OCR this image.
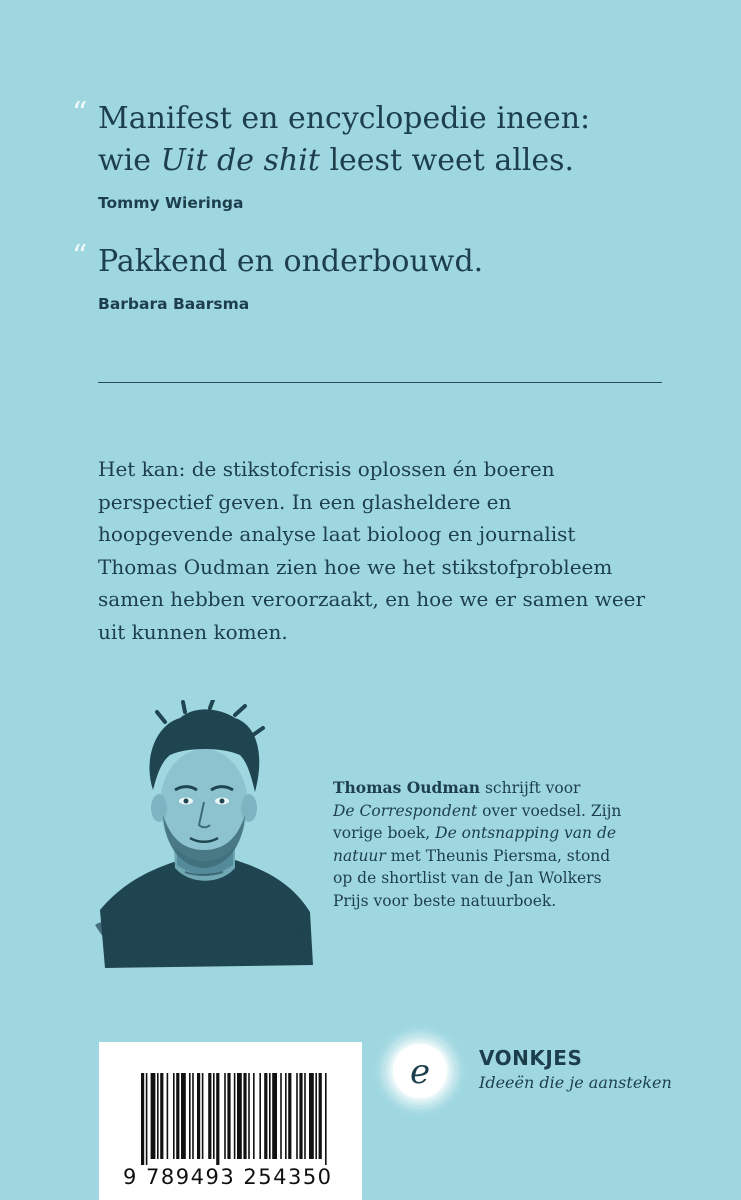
“ Manifest en encyclopedie ineen:
wie Uit de shit leest weet alles.
Tommy Wieringa
“ Pakkend en onderbouwd.
Barbara Baarsma

Het kan: de stikstofcrisis oplossen én boeren

perspectief geven. In een glasheldere en

hoopgevende analyse laat bioloog en journalist

Thomas Oudman zien hoe we het stikstofprobleem

samen hebben veroorzaakt, en hoe we er samen weer

uit kunnen komen.

Thomas Oudman schrijft voor

De Correspondent over voedsel. Zijn

vorige boek, De ontsnapping van de

natuur met Theunis Piersma, stond

op de shortlist van de Jan Wolkers

Prijs voor beste natuurboek.

9 789493 254350
e VONKJES
Ideeën die je aansteken
